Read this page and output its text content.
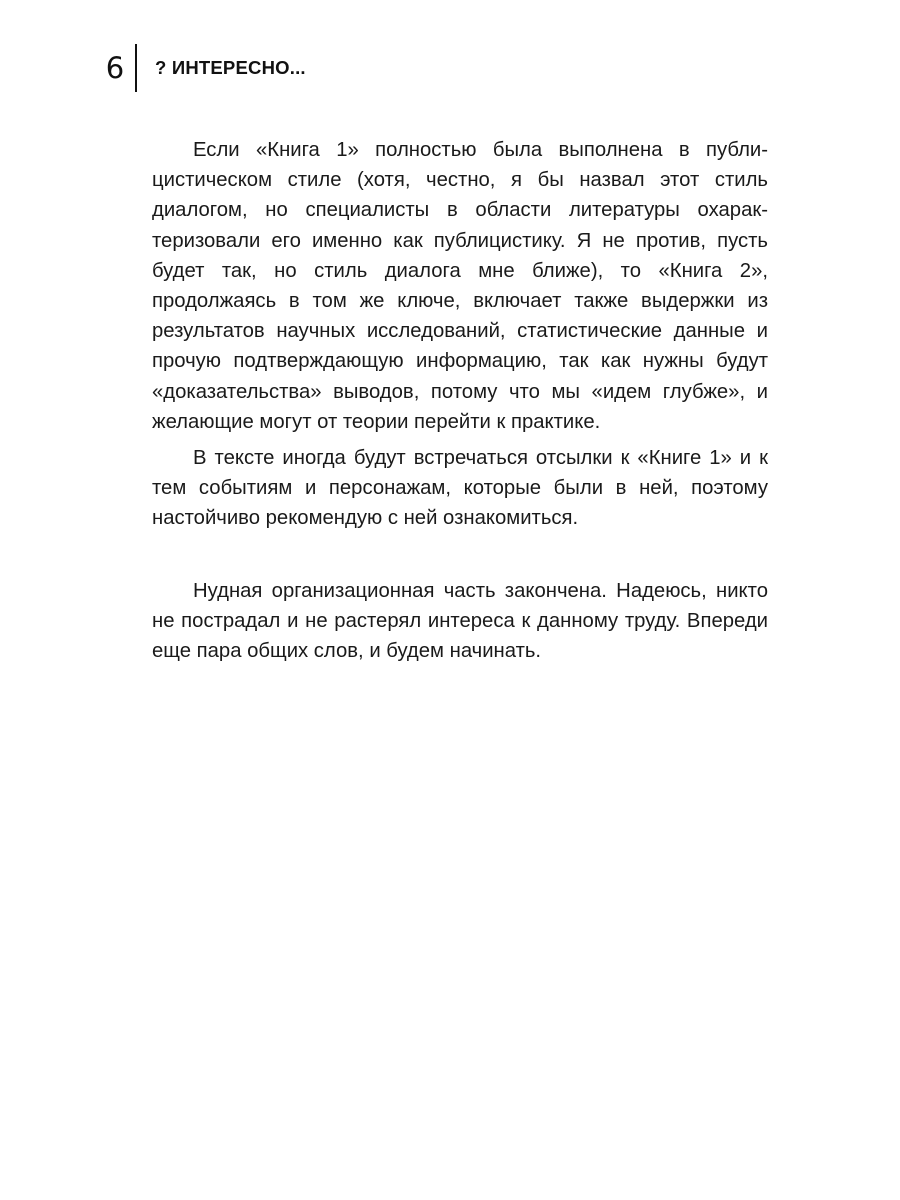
6 ? ИНТЕРЕСНО...

Если «Книга 1» полностью была выполнена в публицистическом стиле (хотя, честно, я бы назвал этот стиль диалогом, но специалисты в области литературы охарактеризовали его именно как публицистику. Я не против, пусть будет так, но стиль диалога мне ближе), то «Книга 2», продолжаясь в том же ключе, включает также выдержки из результатов научных исследований, статистические данные и прочую подтверждающую информацию, так как нужны будут «доказательства» выводов, потому что мы «идем глубже», и желающие могут от теории перейти к практике.

В тексте иногда будут встречаться отсылки к «Книге 1» и к тем событиям и персонажам, которые были в ней, поэтому настойчиво рекомендую с ней ознакомиться.

Нудная организационная часть закончена. Надеюсь, никто не пострадал и не растерял интереса к данному труду. Впереди еще пара общих слов, и будем начинать.
